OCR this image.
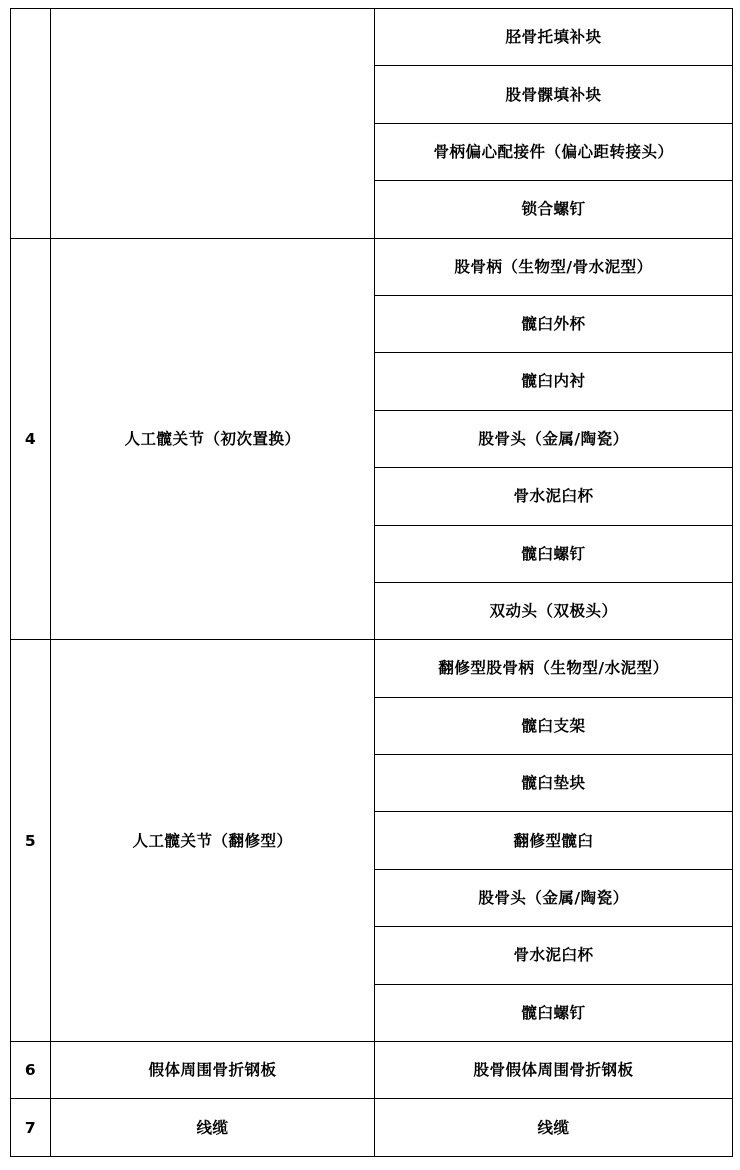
		胫骨托填补块
		股骨髁填补块
		骨柄偏心配接件（偏心距转接头）
		锁合螺钉
4	人工髋关节（初次置换）	股骨柄（生物型/骨水泥型）
		髋臼外杯
		髋臼内衬
		股骨头（金属/陶瓷）
		骨水泥臼杯
		髋臼螺钉
		双动头（双极头）
5	人工髋关节（翻修型）	翻修型股骨柄（生物型/水泥型）
		髋臼支架
		髋臼垫块
		翻修型髋臼
		股骨头（金属/陶瓷）
		骨水泥臼杯
		髋臼螺钉
6	假体周围骨折钢板	股骨假体周围骨折钢板
7	线缆	线缆
